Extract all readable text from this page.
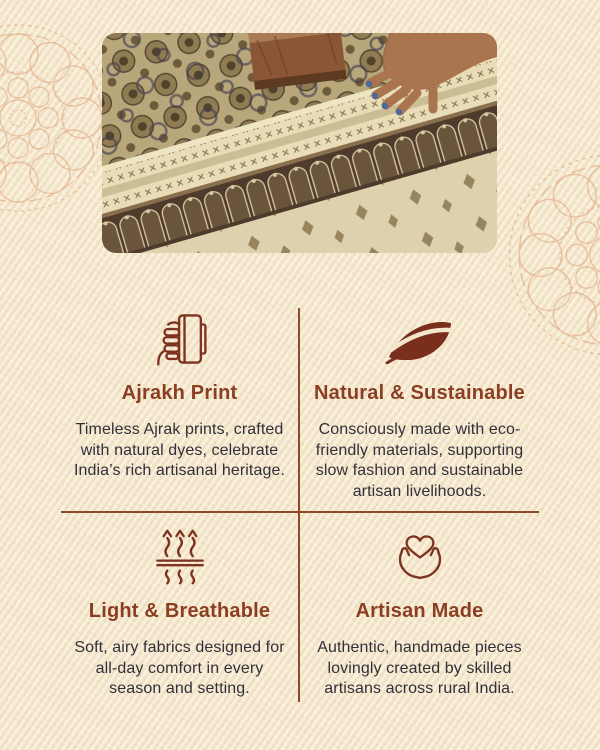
Ajrakh Print

Timeless Ajrak prints, crafted with natural dyes, celebrate India’s rich artisanal heritage.

Natural & Sustainable

Consciously made with eco-friendly materials, supporting slow fashion and sustainable artisan livelihoods.

Light & Breathable

Soft, airy fabrics designed for all-day comfort in every season and setting.

Artisan Made

Authentic, handmade pieces lovingly created by skilled artisans across rural India.
